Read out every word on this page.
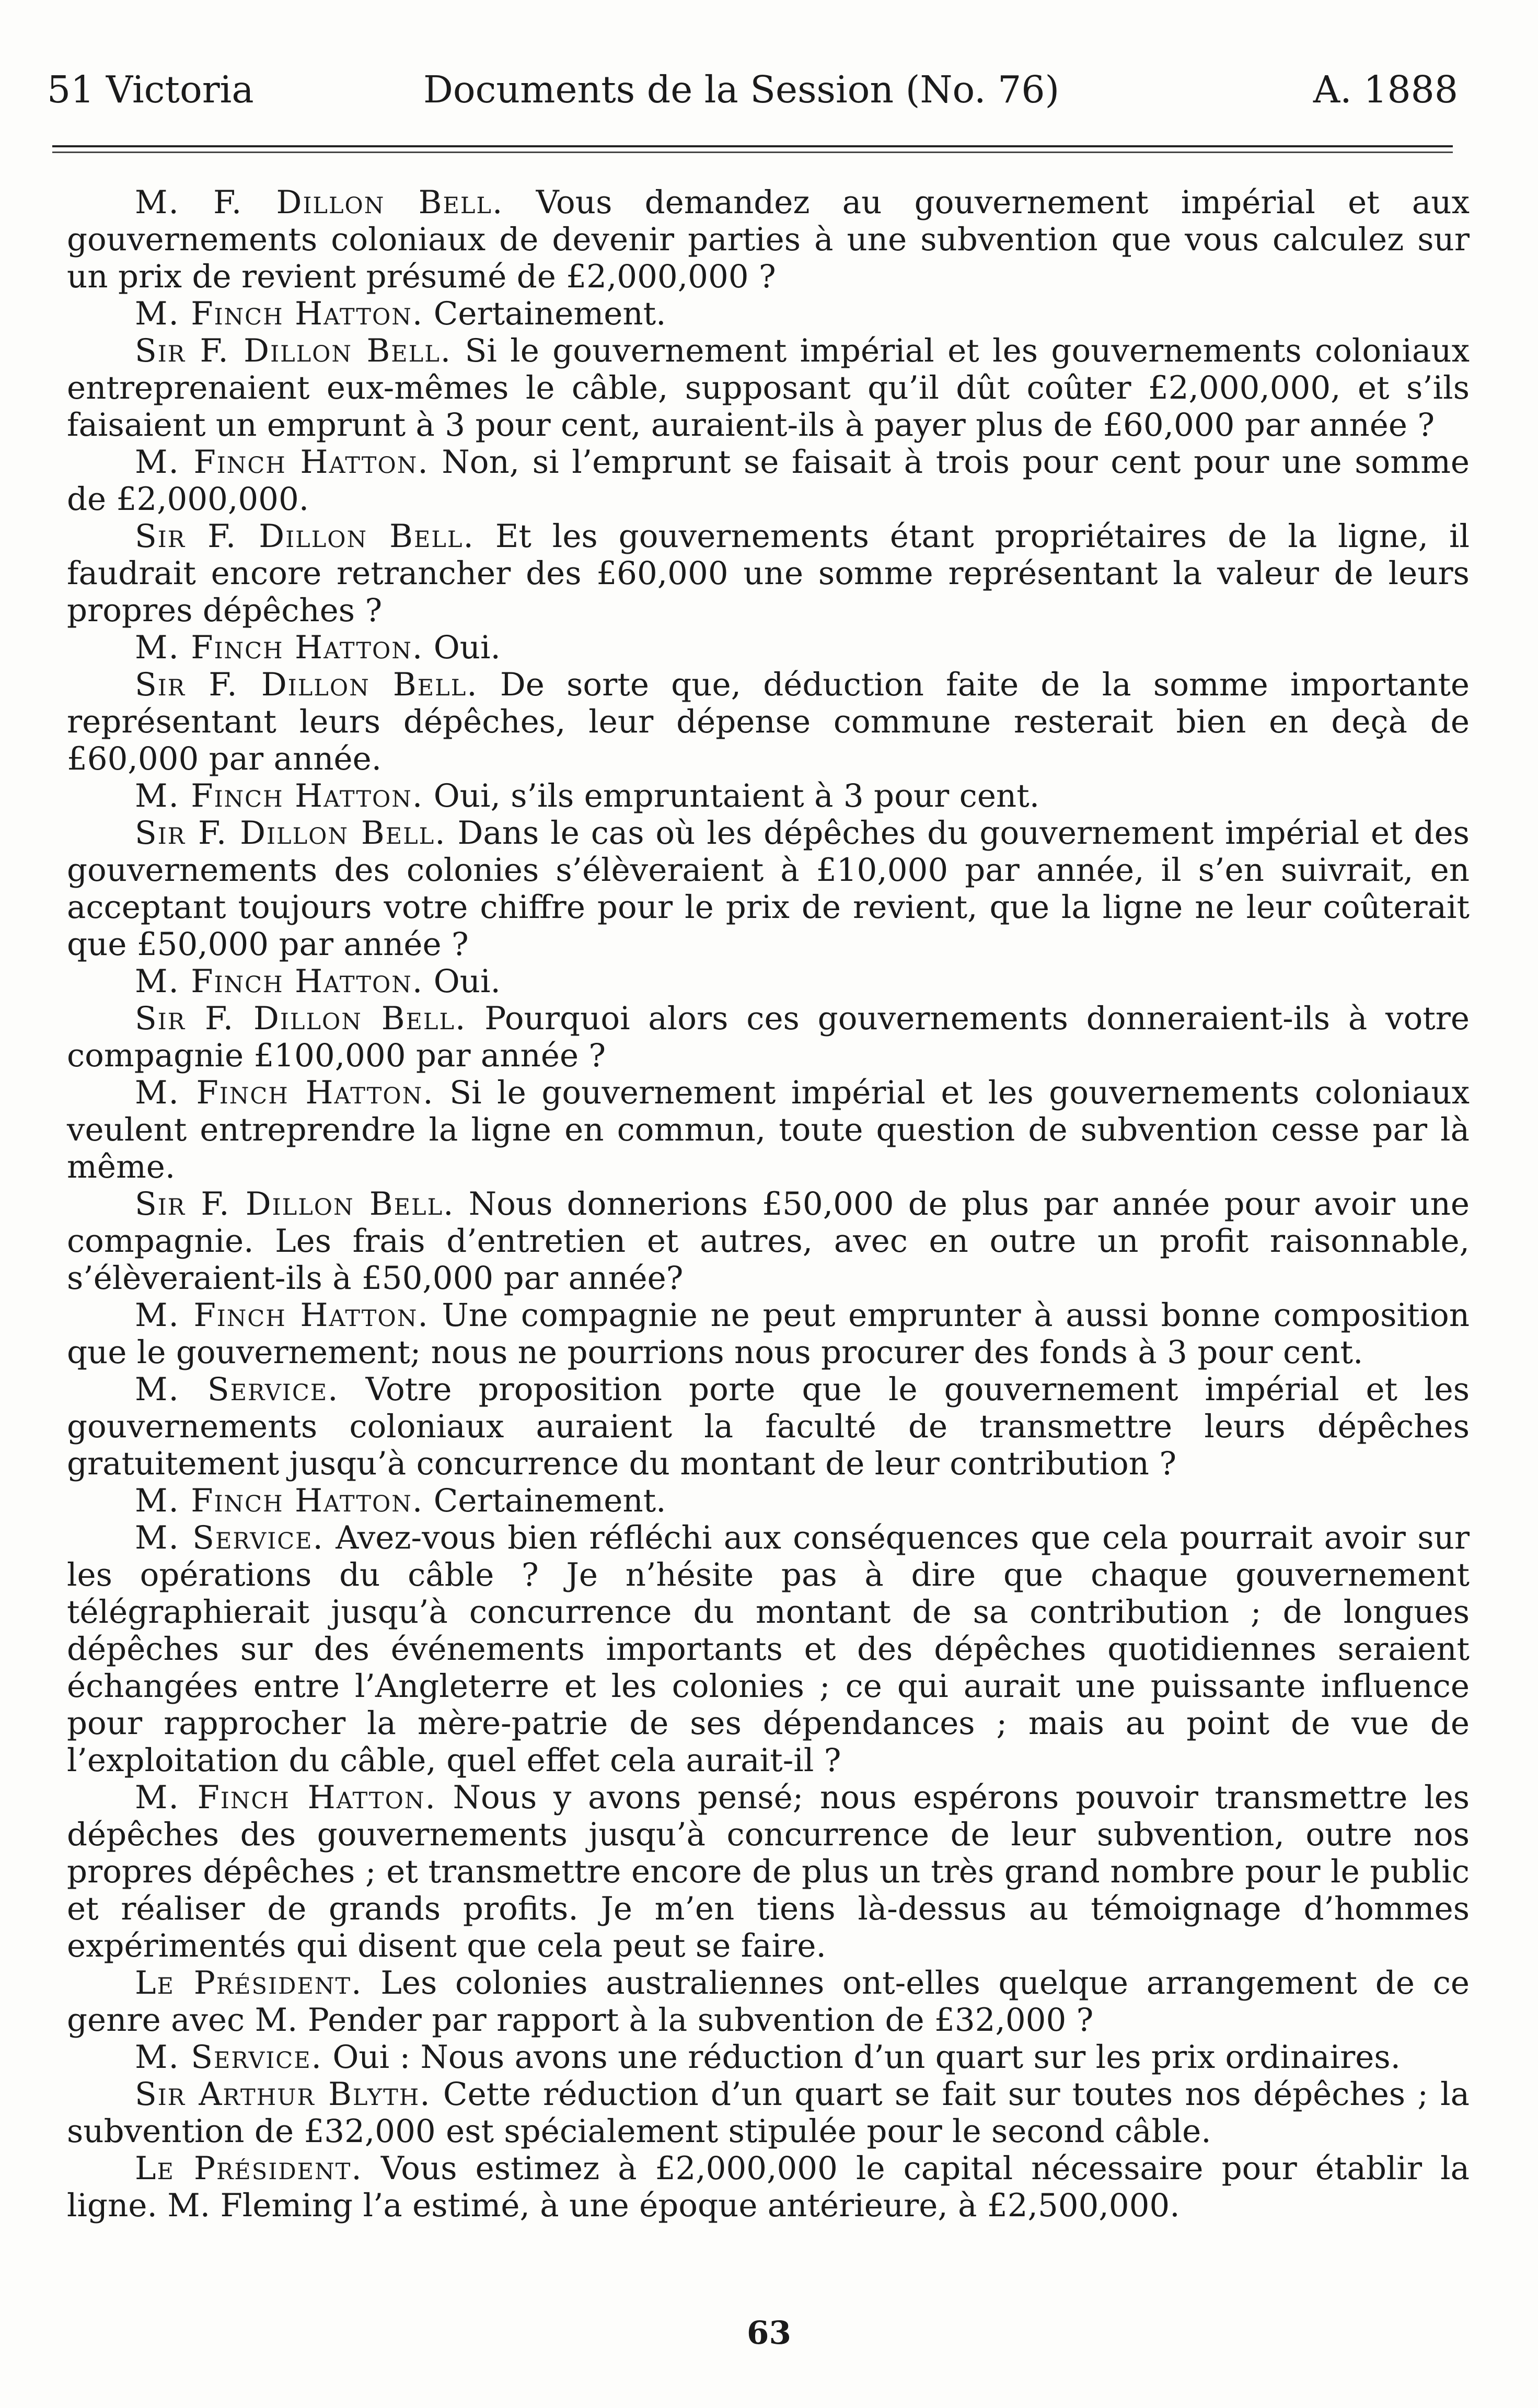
51 Victoria	Documents de la Session (No. 76)	A. 1888

M. F. Dillon Bell. Vous demandez au gouvernement impérial et aux gouvernements coloniaux de devenir parties à une subvention que vous calculez sur un prix de revient présumé de £2,000,000 ?

M. Finch Hatton. Certainement.

Sir F. Dillon Bell. Si le gouvernement impérial et les gouvernements coloniaux entreprenaient eux-mêmes le câble, supposant qu’il dût coûter £2,000,000, et s’ils faisaient un emprunt à 3 pour cent, auraient-ils à payer plus de £60,000 par année ?

M. Finch Hatton. Non, si l’emprunt se faisait à trois pour cent pour une somme de £2,000,000.

Sir F. Dillon Bell. Et les gouvernements étant propriétaires de la ligne, il faudrait encore retrancher des £60,000 une somme représentant la valeur de leurs propres dépêches ?

M. Finch Hatton. Oui.

Sir F. Dillon Bell. De sorte que, déduction faite de la somme importante représentant leurs dépêches, leur dépense commune resterait bien en deçà de £60,000 par année.

M. Finch Hatton. Oui, s’ils empruntaient à 3 pour cent.

Sir F. Dillon Bell. Dans le cas où les dépêches du gouvernement impérial et des gouvernements des colonies s’élèveraient à £10,000 par année, il s’en suivrait, en acceptant toujours votre chiffre pour le prix de revient, que la ligne ne leur coûterait que £50,000 par année ?

M. Finch Hatton. Oui.

Sir F. Dillon Bell. Pourquoi alors ces gouvernements donneraient-ils à votre compagnie £100,000 par année ?

M. Finch Hatton. Si le gouvernement impérial et les gouvernements coloniaux veulent entreprendre la ligne en commun, toute question de subvention cesse par là même.

Sir F. Dillon Bell. Nous donnerions £50,000 de plus par année pour avoir une compagnie. Les frais d’entretien et autres, avec en outre un profit raisonnable, s’élèveraient-ils à £50,000 par année?

M. Finch Hatton. Une compagnie ne peut emprunter à aussi bonne composition que le gouvernement; nous ne pourrions nous procurer des fonds à 3 pour cent.

M. Service. Votre proposition porte que le gouvernement impérial et les gouvernements coloniaux auraient la faculté de transmettre leurs dépêches gratuitement jusqu’à concurrence du montant de leur contribution ?

M. Finch Hatton. Certainement.

M. Service. Avez-vous bien réfléchi aux conséquences que cela pourrait avoir sur les opérations du câble ? Je n’hésite pas à dire que chaque gouvernement télégraphierait jusqu’à concurrence du montant de sa contribution ; de longues dépêches sur des événements importants et des dépêches quotidiennes seraient échangées entre l’Angleterre et les colonies ; ce qui aurait une puissante influence pour rapprocher la mère-patrie de ses dépendances ; mais au point de vue de l’exploitation du câble, quel effet cela aurait-il ?

M. Finch Hatton. Nous y avons pensé; nous espérons pouvoir transmettre les dépêches des gouvernements jusqu’à concurrence de leur subvention, outre nos propres dépêches ; et transmettre encore de plus un très grand nombre pour le public et réaliser de grands profits. Je m’en tiens là-dessus au témoignage d’hommes expérimentés qui disent que cela peut se faire.

Le Président. Les colonies australiennes ont-elles quelque arrangement de ce genre avec M. Pender par rapport à la subvention de £32,000 ?

M. Service. Oui : Nous avons une réduction d’un quart sur les prix ordinaires.

Sir Arthur Blyth. Cette réduction d’un quart se fait sur toutes nos dépêches ; la subvention de £32,000 est spécialement stipulée pour le second câble.

Le Président. Vous estimez à £2,000,000 le capital nécessaire pour établir la ligne. M. Fleming l’a estimé, à une époque antérieure, à £2,500,000.

63
